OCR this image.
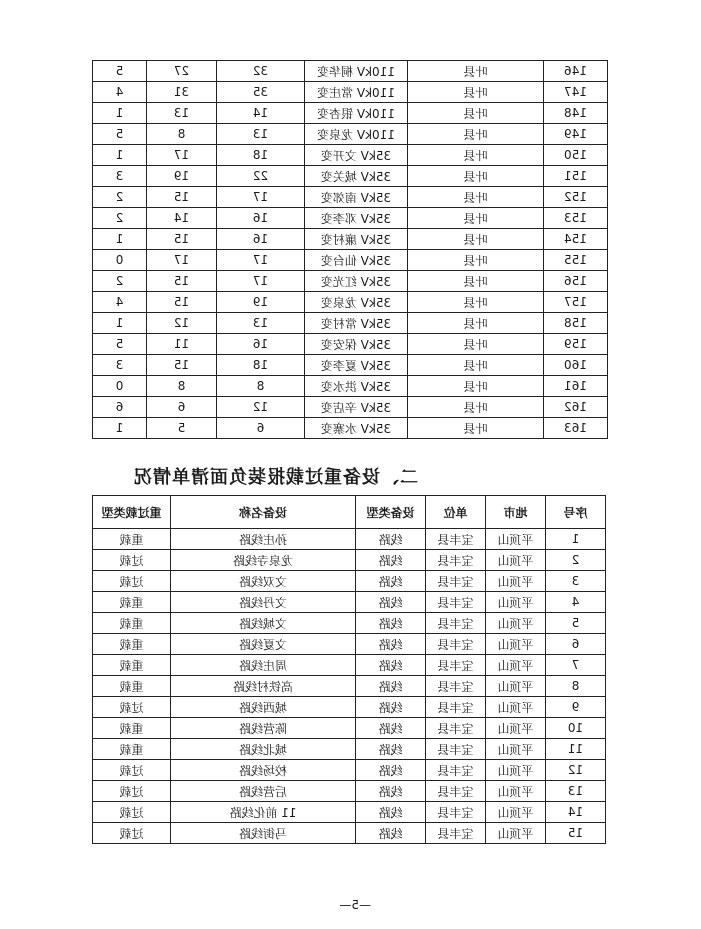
146	叶县	110kV 桐华变	32	27	5
147	叶县	110kV 常庄变	35	31	4
148	叶县	110kV 银杏变	14	13	1
149	叶县	110kV 龙泉变	13	8	5
150	叶县	35kV 文开变	18	17	1
151	叶县	35kV 城关变	22	19	3
152	叶县	35kV 南郊变	17	15	2
153	叶县	35kV 邓李变	16	14	2
154	叶县	35kV 廉村变	16	15	1
155	叶县	35kV 仙台变	17	17	0
156	叶县	35kV 红光变	17	15	2
157	叶县	35kV 龙泉变	19	15	4
158	叶县	35kV 常村变	13	12	1
159	叶县	35kV 保安变	16	11	5
160	叶县	35kV 夏李变	18	15	3
161	叶县	35kV 洪水变	8	8	0
162	叶县	35kV 辛店变	12	6	6
163	叶县	35kV 水寨变	6	5	1
二、设备重过载报装负面清单情况
序号	地市	单位	设备类型	设备名称	重过载类型
1	平顶山	宝丰县	线路	孙庄线路	重载
2	平顶山	宝丰县	线路	龙泉寺线路	过载
3	平顶山	宝丰县	线路	文双线路	过载
4	平顶山	宝丰县	线路	文丹线路	重载
5	平顶山	宝丰县	线路	文城线路	重载
6	平顶山	宝丰县	线路	文夏线路	重载
7	平顶山	宝丰县	线路	周庄线路	重载
8	平顶山	宝丰县	线路	高铁村线路	重载
9	平顶山	宝丰县	线路	城西线路	过载
10	平顶山	宝丰县	线路	陈营线路	重载
11	平顶山	宝丰县	线路	城北线路	重载
12	平顶山	宝丰县	线路	校场线路	过载
13	平顶山	宝丰县	线路	后营线路	过载
14	平顶山	宝丰县	线路	11 前化线路	过载
15	平顶山	宝丰县	线路	马街线路	过载
—5—
